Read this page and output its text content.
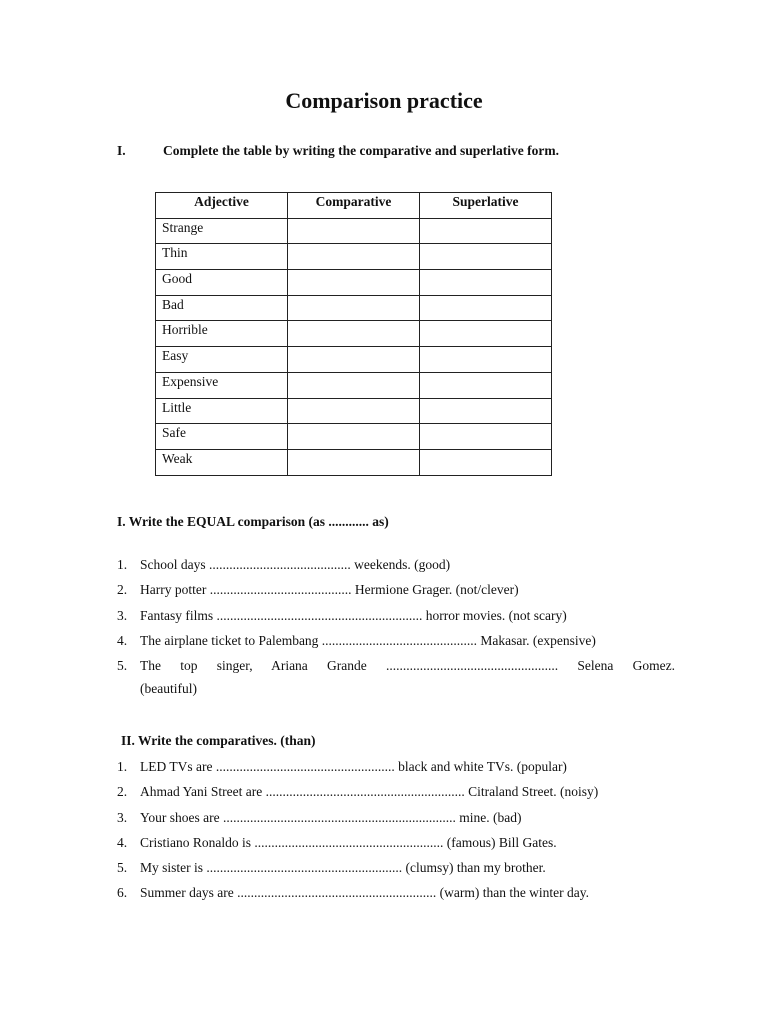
Comparison practice
I.	Complete the table by writing the comparative and superlative form.
Adjective	Comparative	Superlative
Strange		
Thin		
Good		
Bad		
Horrible		
Easy		
Expensive		
Little		
Safe		
Weak		
I. Write the EQUAL comparison (as ............ as)
1. School days .......................................... weekends. (good)
2. Harry potter .......................................... Hermione Grager. (not/clever)
3. Fantasy films ............................................................. horror movies. (not scary)
4. The airplane ticket to Palembang .............................................. Makasar. (expensive)
5. The top singer, Ariana Grande ................................................... Selena Gomez.
(beautiful)
II. Write the comparatives. (than)
1. LED TVs are ..................................................... black and white TVs. (popular)
2. Ahmad Yani Street are ........................................................... Citraland Street. (noisy)
3. Your shoes are ..................................................................... mine. (bad)
4. Cristiano Ronaldo is ........................................................ (famous) Bill Gates.
5. My sister is .......................................................... (clumsy) than my brother.
6. Summer days are ........................................................... (warm) than the winter day.
